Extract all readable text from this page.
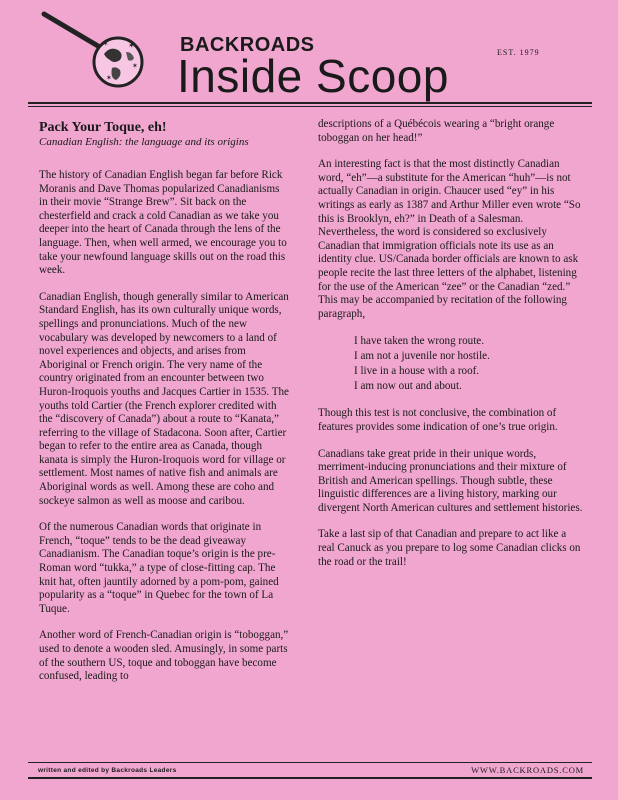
✶ ✶
✶
✶
BACKROADS
Inside Scoop	EST. 1979
Pack Your Toque, eh!
Canadian English: the language and its origins

The history of Canadian English began far before Rick Moranis and Dave Thomas popularized Canadianisms in their movie “Strange Brew”. Sit back on the chesterfield and crack a cold Canadian as we take you deeper into the heart of Canada through the lens of the language. Then, when well armed, we encourage you to take your newfound language skills out on the road this week.

Canadian English, though generally similar to American Standard English, has its own culturally unique words, spellings and pronunciations. Much of the new vocabulary was developed by newcomers to a land of novel experiences and objects, and arises from Aboriginal or French origin. The very name of the country originated from an encounter between two Huron-Iroquois youths and Jacques Cartier in 1535. The youths told Cartier (the French explorer credited with the “discovery of Canada”) about a route to “Kanata,” referring to the village of Stadacona. Soon after, Cartier began to refer to the entire area as Canada, though kanata is simply the Huron-Iroquois word for village or settlement. Most names of native fish and animals are Aboriginal words as well. Among these are coho and sockeye salmon as well as moose and caribou.

Of the numerous Canadian words that originate in French, “toque” tends to be the dead giveaway Canadianism. The Canadian toque’s origin is the pre-Roman word “tukka,” a type of close-fitting cap. The knit hat, often jauntily adorned by a pom-pom, gained popularity as a “toque” in Quebec for the town of La Tuque.

Another word of French-Canadian origin is “toboggan,” used to denote a wooden sled. Amusingly, in some parts of the southern US, toque and toboggan have become confused, leading to

descriptions of a Québécois wearing a “bright orange toboggan on her head!”

An interesting fact is that the most distinctly Canadian word, “eh”—a substitute for the American “huh”—is not actually Canadian in origin. Chaucer used “ey” in his writings as early as 1387 and Arthur Miller even wrote “So this is Brooklyn, eh?” in Death of a Salesman. Nevertheless, the word is considered so exclusively Canadian that immigration officials note its use as an identity clue. US/Canada border officials are known to ask people recite the last three letters of the alphabet, listening for the use of the American “zee” or the Canadian “zed.” This may be accompanied by recitation of the following paragraph,

I have taken the wrong route.
I am not a juvenile nor hostile.
I live in a house with a roof.
I am now out and about.

Though this test is not conclusive, the combination of features provides some indication of one’s true origin.

Canadians take great pride in their unique words, merriment-inducing pronunciations and their mixture of British and American spellings. Though subtle, these linguistic differences are a living history, marking our divergent North American cultures and settlement histories.

Take a last sip of that Canadian and prepare to act like a real Canuck as you prepare to log some Canadian clicks on the road or the trail!

written and edited by Backroads Leaders	WWW.BACKROADS.COM
